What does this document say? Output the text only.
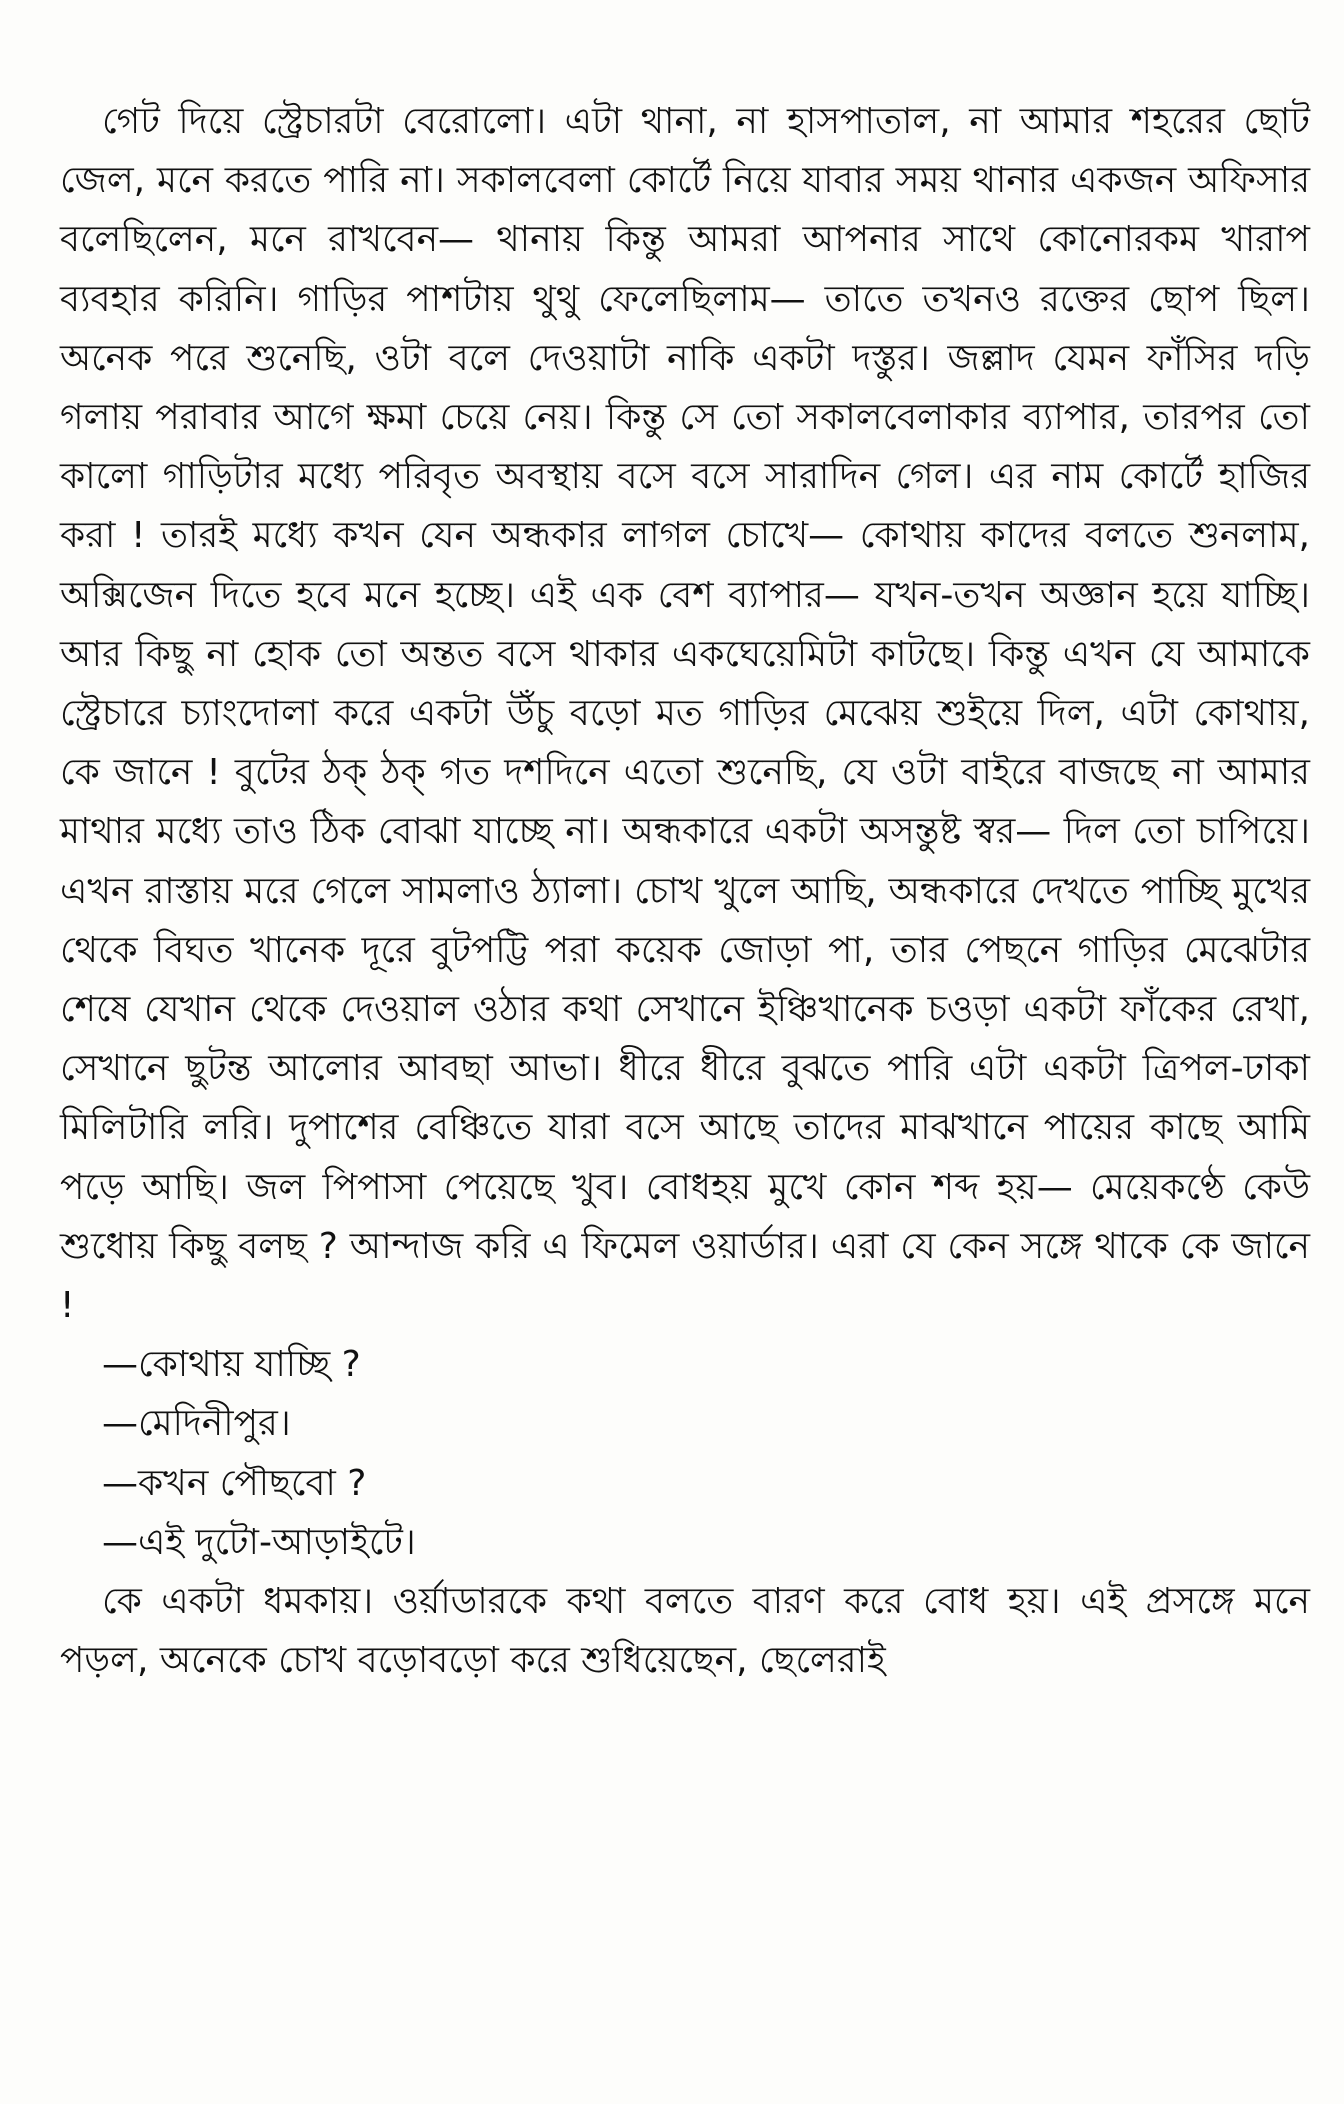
গেট দিয়ে স্ট্রেচারটা বেরোলো। এটা থানা, না হাসপাতাল, না আমার শহরের ছোট জেল, মনে করতে পারি না। সকালবেলা কোর্টে নিয়ে যাবার সময় থানার একজন অফিসার বলেছিলেন, মনে রাখবেন— থানায় কিন্তু আমরা আপনার সাথে কোনোরকম খারাপ ব্যবহার করিনি। গাড়ির পাশটায় থুথু ফেলেছিলাম— তাতে তখনও রক্তের ছোপ ছিল। অনেক পরে শুনেছি, ওটা বলে দেওয়াটা নাকি একটা দস্তুর। জল্লাদ যেমন ফাঁসির দড়ি গলায় পরাবার আগে ক্ষমা চেয়ে নেয়। কিন্তু সে তো সকালবেলাকার ব্যাপার, তারপর তো কালো গাড়িটার মধ্যে পরিবৃত অবস্থায় বসে বসে সারাদিন গেল। এর নাম কোর্টে হাজির করা ! তারই মধ্যে কখন যেন অন্ধকার লাগল চোখে— কোথায় কাদের বলতে শুনলাম, অক্সিজেন দিতে হবে মনে হচ্ছে। এই এক বেশ ব্যাপার— যখন-তখন অজ্ঞান হয়ে যাচ্ছি। আর কিছু না হোক তো অন্তত বসে থাকার একঘেয়েমিটা কাটছে। কিন্তু এখন যে আমাকে স্ট্রেচারে চ্যাংদোলা করে একটা উঁচু বড়ো মত গাড়ির মেঝেয় শুইয়ে দিল, এটা কোথায়, কে জানে ! বুটের ঠক্ ঠক্ গত দশদিনে এতো শুনেছি, যে ওটা বাইরে বাজছে না আমার মাথার মধ্যে তাও ঠিক বোঝা যাচ্ছে না। অন্ধকারে একটা অসন্তুষ্ট স্বর— দিল তো চাপিয়ে। এখন রাস্তায় মরে গেলে সামলাও ঠ্যালা। চোখ খুলে আছি, অন্ধকারে দেখতে পাচ্ছি মুখের থেকে বিঘত খানেক দূরে বুটপট্টি পরা কয়েক জোড়া পা, তার পেছনে গাড়ির মেঝেটার শেষে যেখান থেকে দেওয়াল ওঠার কথা সেখানে ইঞ্চিখানেক চওড়া একটা ফাঁকের রেখা, সেখানে ছুটন্ত আলোর আবছা আভা। ধীরে ধীরে বুঝতে পারি এটা একটা ত্রিপল-ঢাকা মিলিটারি লরি। দুপাশের বেঞ্চিতে যারা বসে আছে তাদের মাঝখানে পায়ের কাছে আমি পড়ে আছি। জল পিপাসা পেয়েছে খুব। বোধহয় মুখে কোন শব্দ হয়— মেয়েকণ্ঠে কেউ শুধোয় কিছু বলছ ? আন্দাজ করি এ ফিমেল ওয়ার্ডার। এরা যে কেন সঙ্গে থাকে কে জানে !

—কোথায় যাচ্ছি ?

—মেদিনীপুর।

—কখন পৌছবো ?

—এই দুটো-আড়াইটে।

কে একটা ধমকায়। ওর্য়াডারকে কথা বলতে বারণ করে বোধ হয়। এই প্রসঙ্গে মনে পড়ল, অনেকে চোখ বড়োবড়ো করে শুধিয়েছেন, ছেলেরাই
